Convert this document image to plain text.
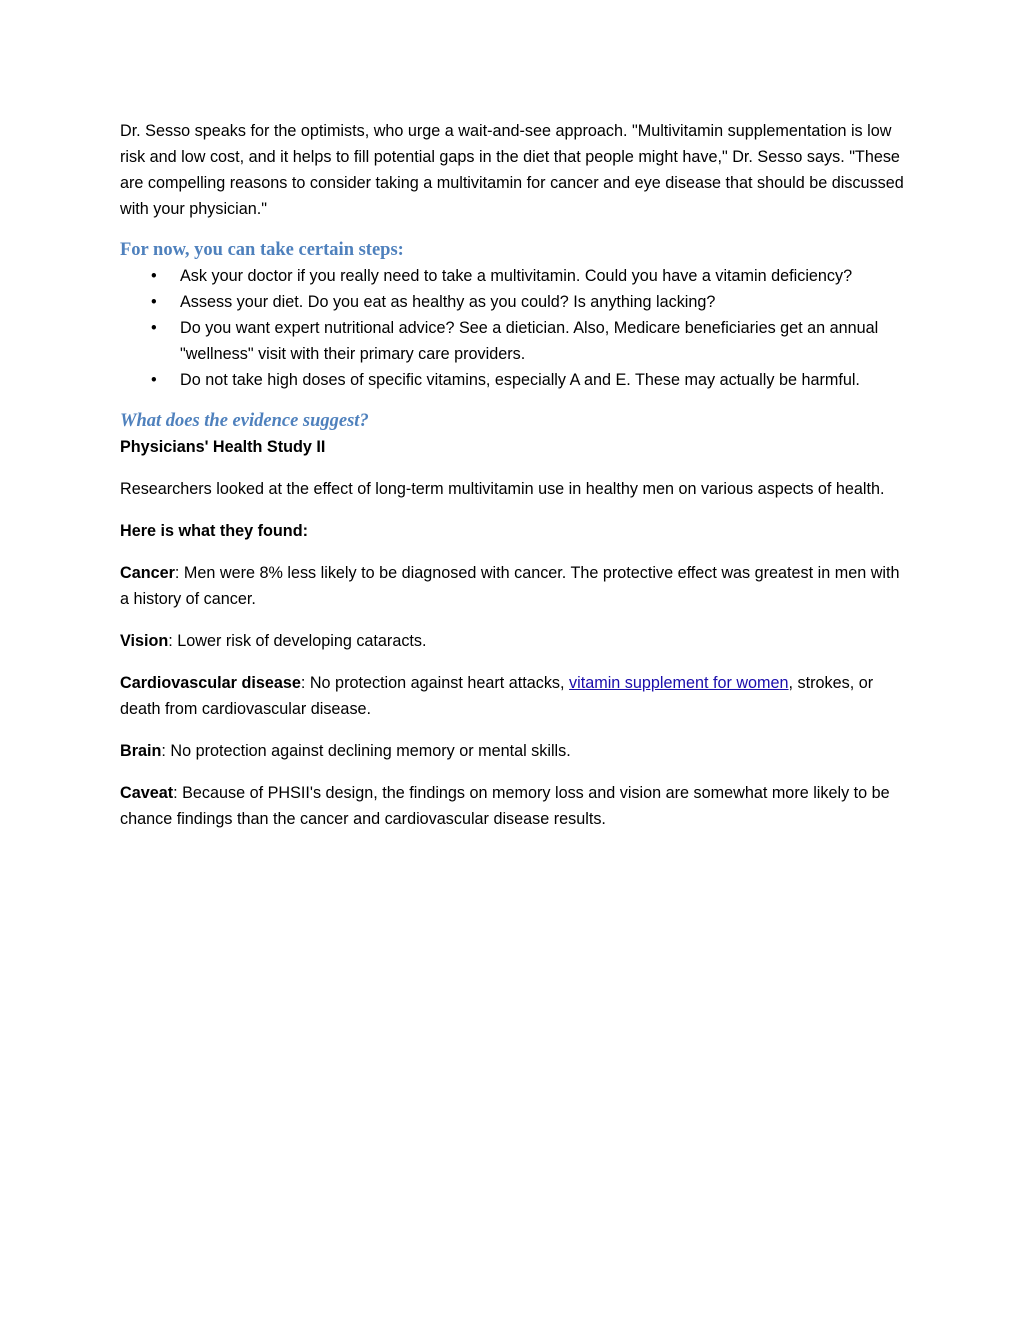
Dr. Sesso speaks for the optimists, who urge a wait-and-see approach. "Multivitamin supplementation is low risk and low cost, and it helps to fill potential gaps in the diet that people might have," Dr. Sesso says. "These are compelling reasons to consider taking a multivitamin for cancer and eye disease that should be discussed with your physician."

For now, you can take certain steps:
• Ask your doctor if you really need to take a multivitamin. Could you have a vitamin deficiency?
• Assess your diet. Do you eat as healthy as you could? Is anything lacking?
• Do you want expert nutritional advice? See a dietician. Also, Medicare beneficiaries get an annual "wellness" visit with their primary care providers.
• Do not take high doses of specific vitamins, especially A and E. These may actually be harmful.
What does the evidence suggest?

Physicians' Health Study II

Researchers looked at the effect of long-term multivitamin use in healthy men on various aspects of health.

Here is what they found:

Cancer: Men were 8% less likely to be diagnosed with cancer. The protective effect was greatest in men with a history of cancer.

Vision: Lower risk of developing cataracts.

Cardiovascular disease: No protection against heart attacks, vitamin supplement for women, strokes, or death from cardiovascular disease.

Brain: No protection against declining memory or mental skills.

Caveat: Because of PHSII's design, the findings on memory loss and vision are somewhat more likely to be chance findings than the cancer and cardiovascular disease results.
